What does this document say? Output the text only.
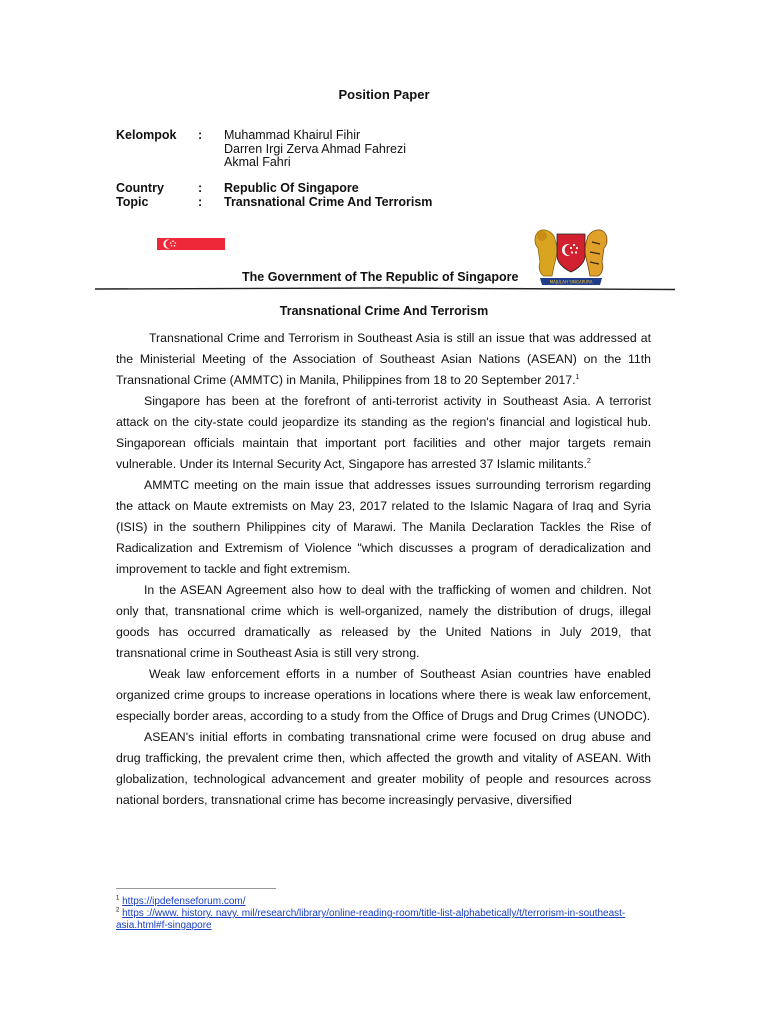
Position Paper
Kelompok : Muhammad Khairul Fihir
Darren Irgi Zerva Ahmad Fahrezi
Akmal Fahri
Country	: Republic Of Singapore
Topic	: Transnational Crime And Terrorism
MAJULAH SINGAPURA
The Government of The Republic of Singapore
Transnational Crime And Terrorism

Transnational Crime and Terrorism in Southeast Asia is still an issue that was addressed at the Ministerial Meeting of the Association of Southeast Asian Nations (ASEAN) on the 11th Transnational Crime (AMMTC) in Manila, Philippines from 18 to 20 September 2017.$^1$

Singapore has been at the forefront of anti-terrorist activity in Southeast Asia. A terrorist attack on the city-state could jeopardize its standing as the region's financial and logistical hub. Singaporean officials maintain that important port facilities and other major targets remain vulnerable. Under its Internal Security Act, Singapore has arrested 37 Islamic militants.$^2$

AMMTC meeting on the main issue that addresses issues surrounding terrorism regarding the attack on Maute extremists on May 23, 2017 related to the Islamic Nagara of Iraq and Syria (ISIS) in the southern Philippines city of Marawi. The Manila Declaration Tackles the Rise of Radicalization and Extremism of Violence "which discusses a program of deradicalization and improvement to tackle and fight extremism.

In the ASEAN Agreement also how to deal with the trafficking of women and children. Not only that, transnational crime which is well-organized, namely the distribution of drugs, illegal goods has occurred dramatically as released by the United Nations in July 2019, that transnational crime in Southeast Asia is still very strong.

Weak law enforcement efforts in a number of Southeast Asian countries have enabled organized crime groups to increase operations in locations where there is weak law enforcement, especially border areas, according to a study from the Office of Drugs and Drug Crimes (UNODC).

ASEAN's initial efforts in combating transnational crime were focused on drug abuse and drug trafficking, the prevalent crime then, which affected the growth and vitality of ASEAN. With globalization, technological advancement and greater mobility of people and resources across national borders, transnational crime has become increasingly pervasive, diversified

$^1$ https://ipdefenseforum.com/
$^2$ https ://www. history. navy. mil/research/library/online-reading-room/title-list-alphabetically/t/terrorism-in-southeast-asia.html#f-singapore
